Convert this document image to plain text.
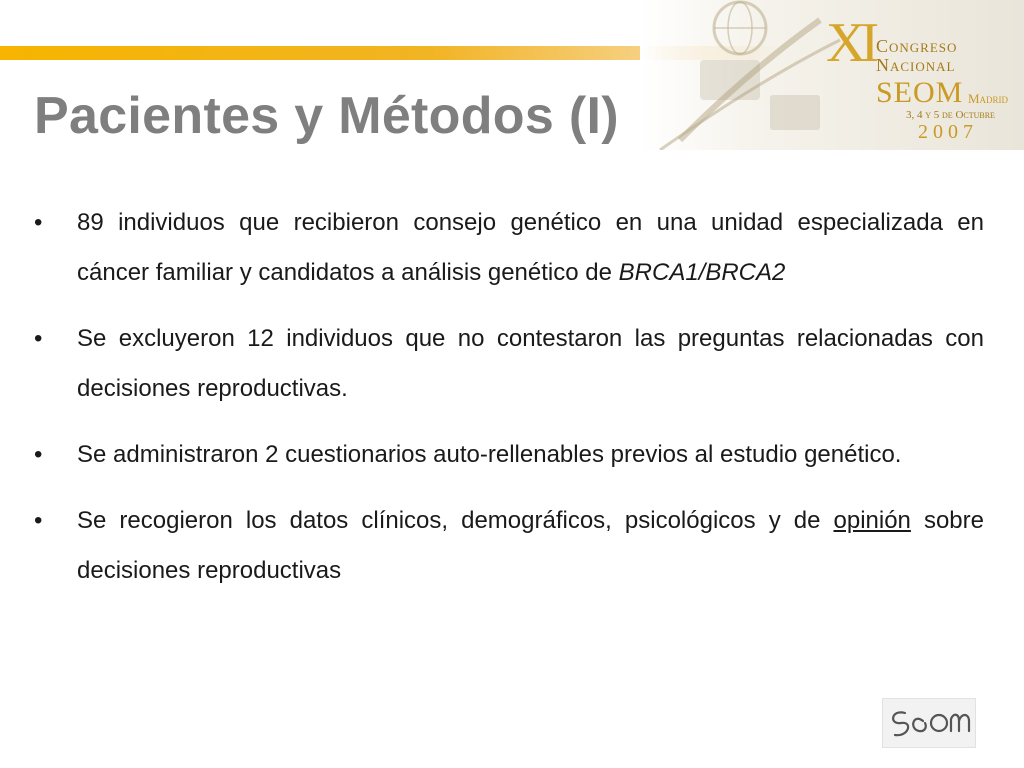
XI Congreso
Nacional
SEOM Madrid
3, 4 y 5 de Octubre
2007
Pacientes y Métodos (I)
• 89 individuos que recibieron consejo genético en una unidad especializada en cáncer familiar y candidatos a análisis genético de BRCA1/BRCA2
• Se excluyeron 12 individuos que no contestaron las preguntas relacionadas con decisiones reproductivas.
• Se administraron 2 cuestionarios auto-rellenables previos al estudio genético.
• Se recogieron los datos clínicos, demográficos, psicológicos y de opinión sobre decisiones reproductivas
